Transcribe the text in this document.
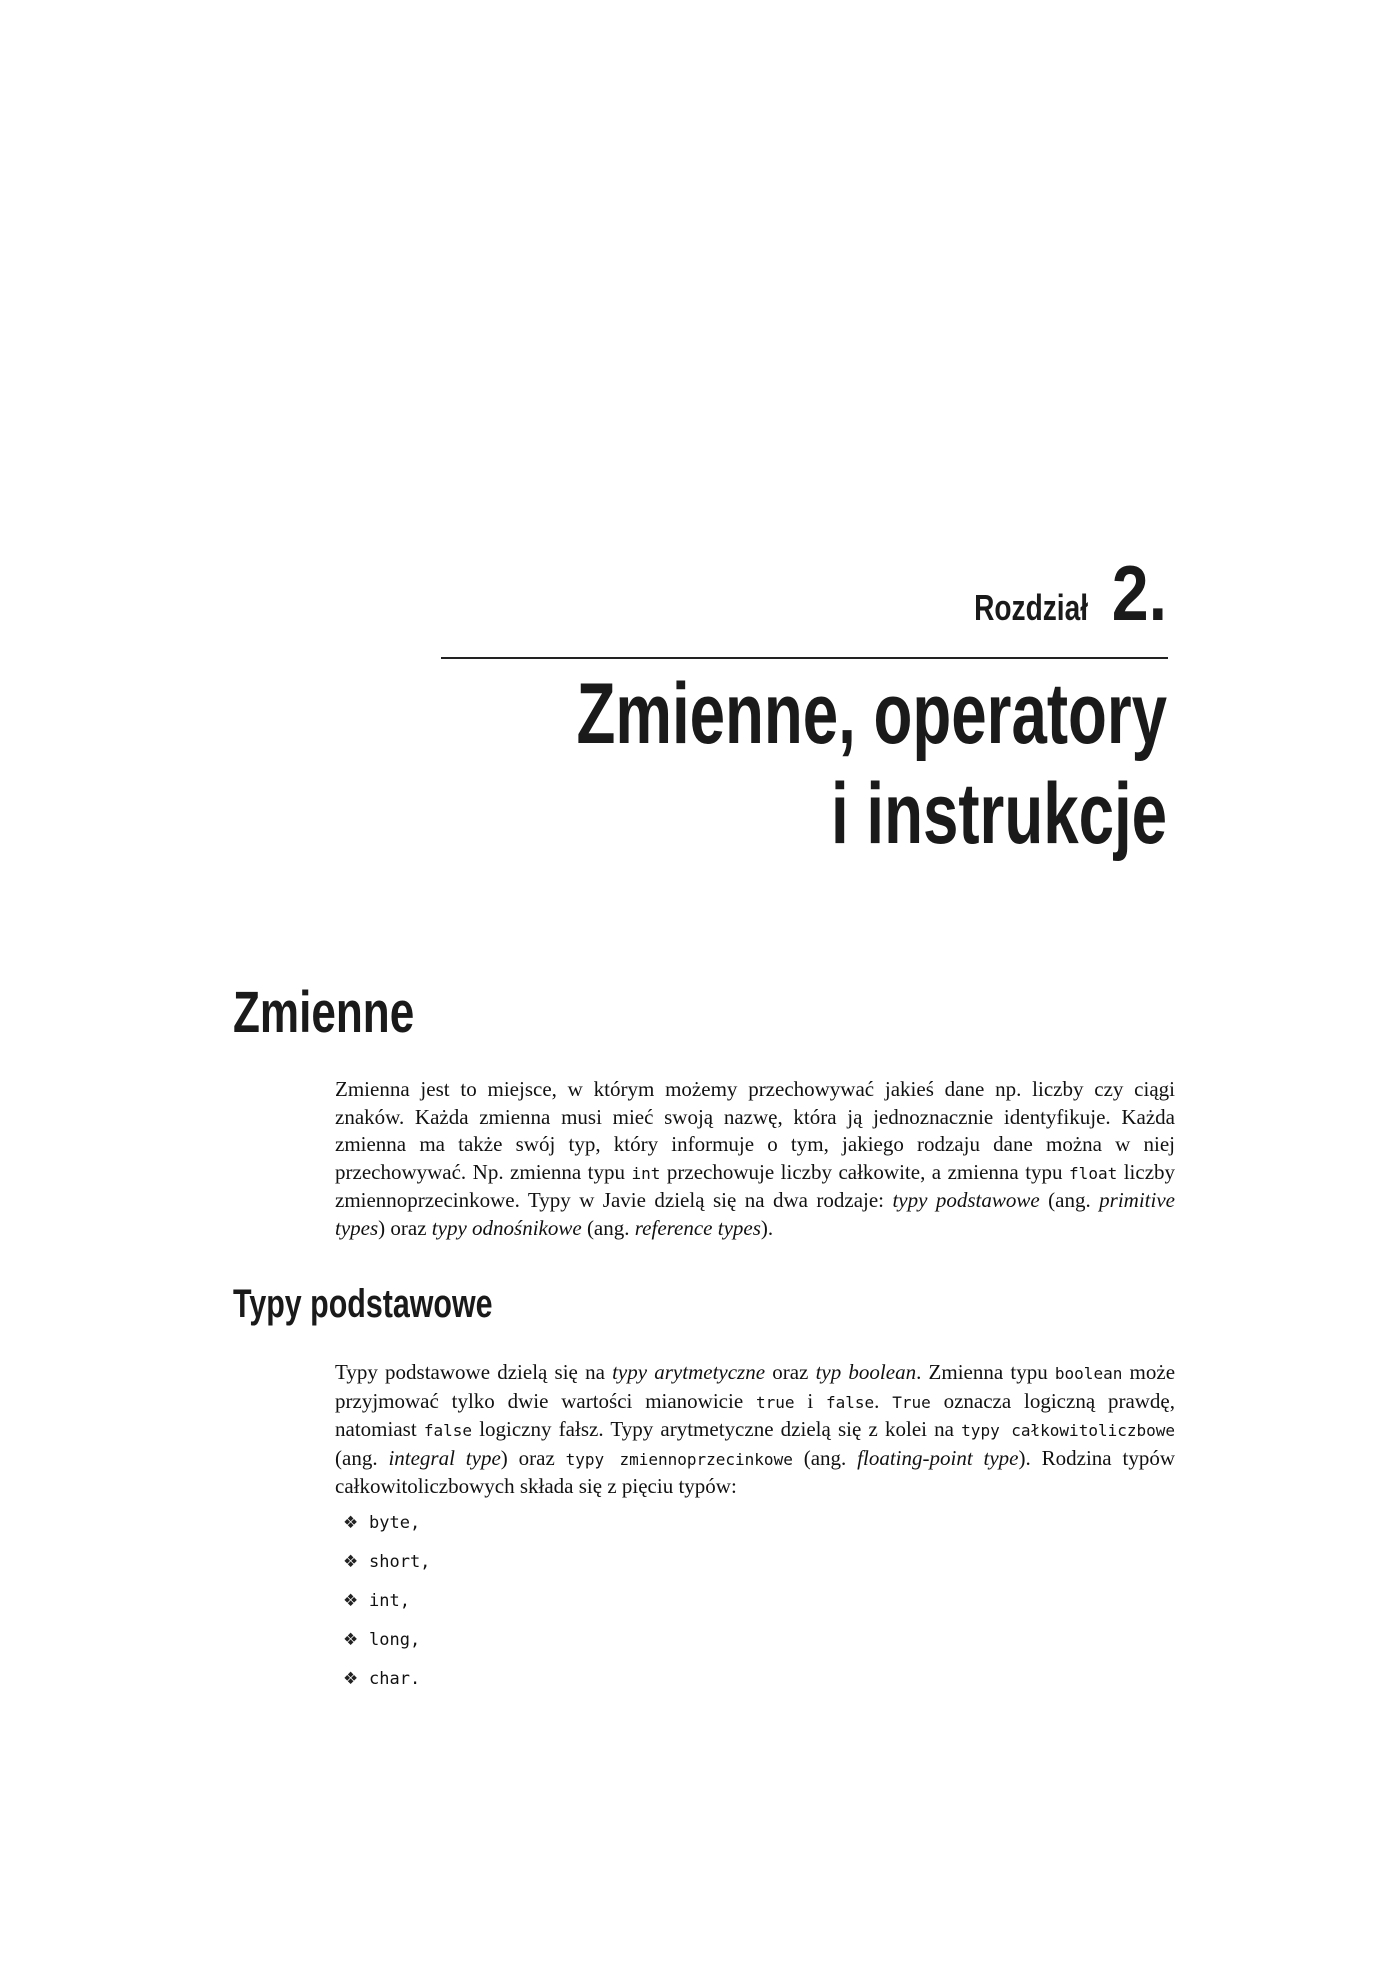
Rozdział 2.
Zmienne, operatory
i instrukcje
Zmienne

Zmienna jest to miejsce, w którym możemy przechowywać jakieś dane np. liczby czy ciągi znaków. Każda zmienna musi mieć swoją nazwę, która ją jednoznacznie identyfikuje. Każda zmienna ma także swój typ, który informuje o tym, jakiego rodzaju dane można w niej przechowywać. Np. zmienna typu int przechowuje liczby całkowite, a zmienna typu float liczby zmiennoprzecinkowe. Typy w Javie dzielą się na dwa rodzaje: typy podstawowe (ang. primitive types) oraz typy odnośnikowe (ang. reference types).

Typy podstawowe

Typy podstawowe dzielą się na typy arytmetyczne oraz typ boolean. Zmienna typu boolean może przyjmować tylko dwie wartości mianowicie true i false. True oznacza logiczną prawdę, natomiast false logiczny fałsz. Typy arytmetyczne dzielą się z kolei na typy całkowitoliczbowe (ang. integral type) oraz typy zmiennoprzecinkowe (ang. floating-point type). Rodzina typów całkowitoliczbowych składa się z pięciu typów:

❖ byte,
❖ short,
❖ int,
❖ long,
❖ char.
